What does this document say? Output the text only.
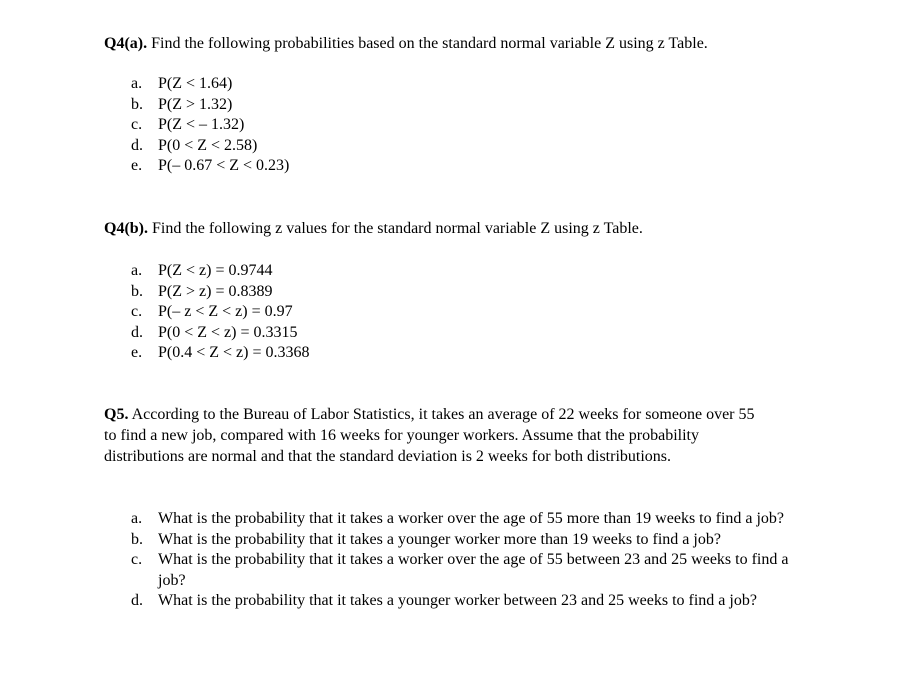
Q4(a). Find the following probabilities based on the standard normal variable Z using z Table.
a. P(Z < 1.64)
b. P(Z > 1.32)
c. P(Z < – 1.32)
d. P(0 < Z < 2.58)
e. P(– 0.67 < Z < 0.23)
Q4(b). Find the following z values for the standard normal variable Z using z Table.
a. P(Z < z) = 0.9744
b. P(Z > z) = 0.8389
c. P(– z < Z < z) = 0.97
d. P(0 < Z < z) = 0.3315
e. P(0.4 < Z < z) = 0.3368

Q5. According to the Bureau of Labor Statistics, it takes an average of 22 weeks for someone over 55 to find a new job, compared with 16 weeks for younger workers. Assume that the probability distributions are normal and that the standard deviation is 2 weeks for both distributions.

a. What is the probability that it takes a worker over the age of 55 more than 19 weeks to find a job?
b. What is the probability that it takes a younger worker more than 19 weeks to find a job?
c. What is the probability that it takes a worker over the age of 55 between 23 and 25 weeks to find a job?
d. What is the probability that it takes a younger worker between 23 and 25 weeks to find a job?
